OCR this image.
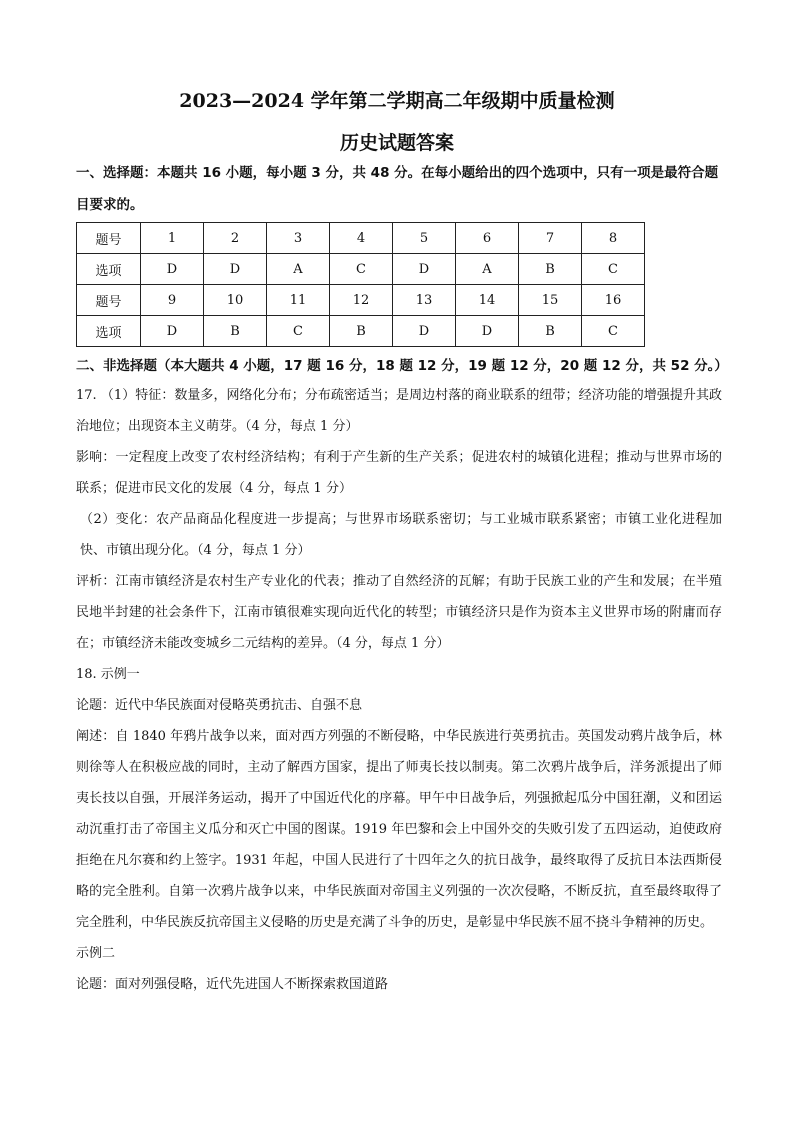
2023—2024 学年第二学期高二年级期中质量检测
历史试题答案
一、选择题：本题共 16 小题，每小题 3 分，共 48 分。在每小题给出的四个选项中，只有一项是最符合题目要求的。
题号	1	2	3	4	5	6	7	8
选项	D	D	A	C	D	A	B	C
题号	9	10	11	12	13	14	15	16
选项	D	B	C	B	D	D	B	C
二、非选择题（本大题共 4 小题，17 题 16 分，18 题 12 分，19 题 12 分，20 题 12 分，共 52 分。）

17. （1）特征：数量多，网络化分布；分布疏密适当；是周边村落的商业联系的纽带；经济功能的增强提升其政治地位；出现资本主义萌芽。（4 分，每点 1 分）

影响：一定程度上改变了农村经济结构；有利于产生新的生产关系；促进农村的城镇化进程；推动与世界市场的联系；促进市民文化的发展（4 分，每点 1 分）

（2）变化：农产品商品化程度进一步提高；与世界市场联系密切；与工业城市联系紧密；市镇工业化进程加快、市镇出现分化。（4 分，每点 1 分）

评析：江南市镇经济是农村生产专业化的代表；推动了自然经济的瓦解；有助于民族工业的产生和发展；在半殖民地半封建的社会条件下，江南市镇很难实现向近代化的转型；市镇经济只是作为资本主义世界市场的附庸而存在；市镇经济未能改变城乡二元结构的差异。（4 分，每点 1 分）

18. 示例一

论题：近代中华民族面对侵略英勇抗击、自强不息

阐述：自 1840 年鸦片战争以来，面对西方列强的不断侵略，中华民族进行英勇抗击。英国发动鸦片战争后，林则徐等人在积极应战的同时，主动了解西方国家，提出了师夷长技以制夷。第二次鸦片战争后，洋务派提出了师夷长技以自强，开展洋务运动，揭开了中国近代化的序幕。甲午中日战争后，列强掀起瓜分中国狂潮，义和团运动沉重打击了帝国主义瓜分和灭亡中国的图谋。1919 年巴黎和会上中国外交的失败引发了五四运动，迫使政府拒绝在凡尔赛和约上签字。1931 年起，中国人民进行了十四年之久的抗日战争，最终取得了反抗日本法西斯侵略的完全胜利。自第一次鸦片战争以来，中华民族面对帝国主义列强的一次次侵略，不断反抗，直至最终取得了完全胜利，中华民族反抗帝国主义侵略的历史是充满了斗争的历史，是彰显中华民族不屈不挠斗争精神的历史。

示例二

论题：面对列强侵略，近代先进国人不断探索救国道路
